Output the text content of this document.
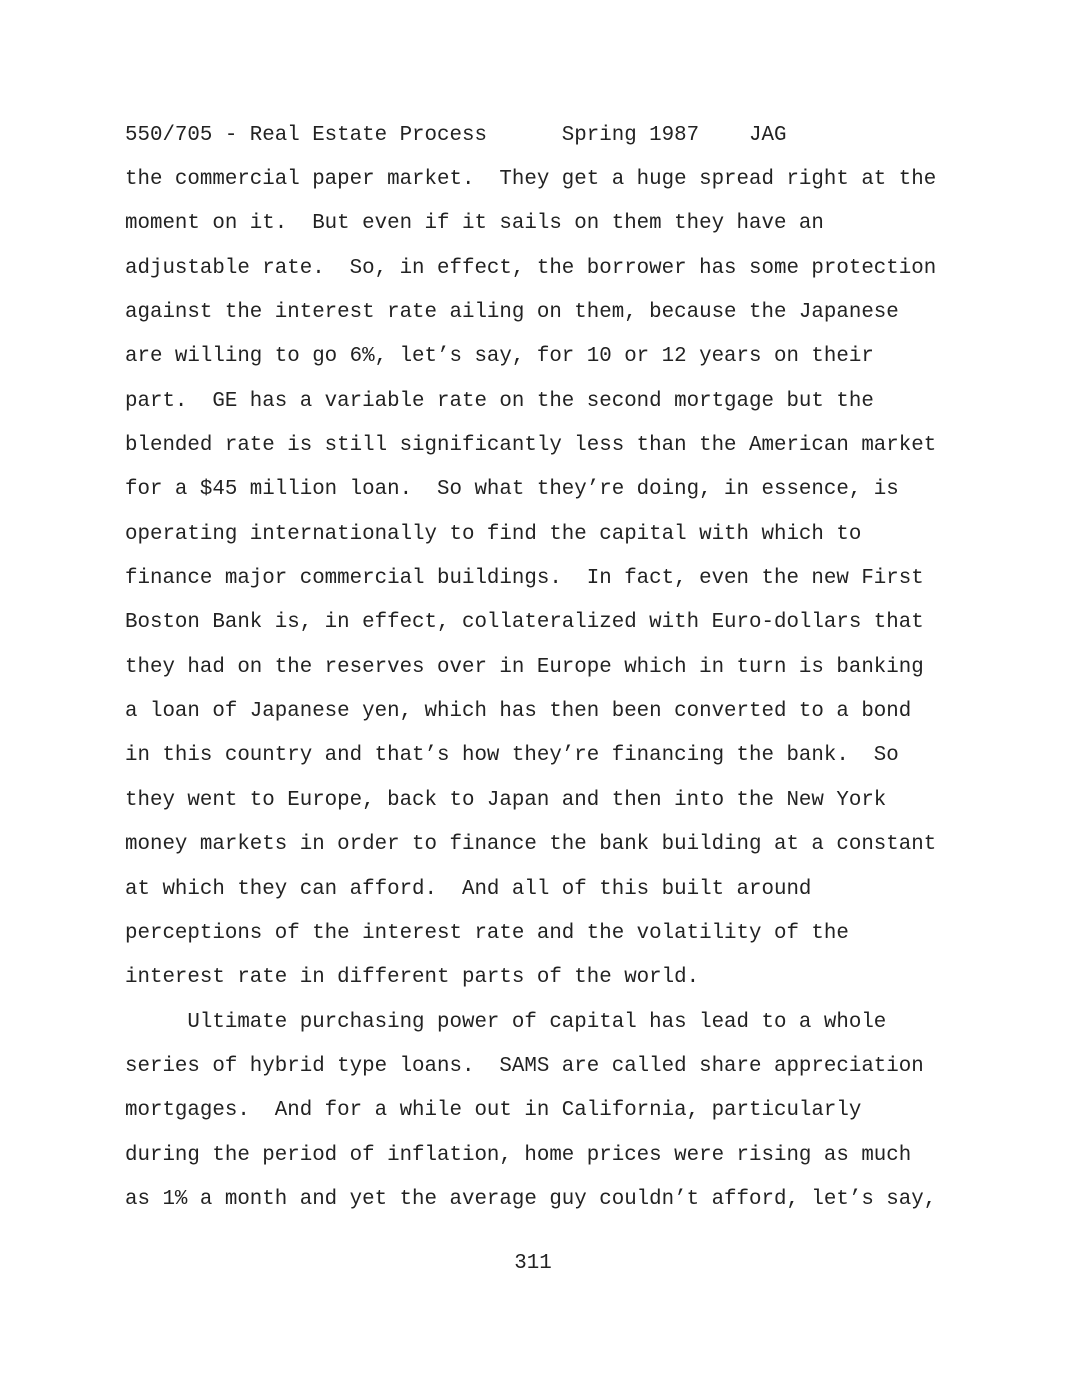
550/705 - Real Estate Process      Spring 1987    JAG
the commercial paper market.  They get a huge spread right at the
moment on it.  But even if it sails on them they have an
adjustable rate.  So, in effect, the borrower has some protection
against the interest rate ailing on them, because the Japanese
are willing to go 6%, let’s say, for 10 or 12 years on their
part.  GE has a variable rate on the second mortgage but the
blended rate is still significantly less than the American market
for a $45 million loan.  So what they’re doing, in essence, is
operating internationally to find the capital with which to
finance major commercial buildings.  In fact, even the new First
Boston Bank is, in effect, collateralized with Euro-dollars that
they had on the reserves over in Europe which in turn is banking
a loan of Japanese yen, which has then been converted to a bond
in this country and that’s how they’re financing the bank.  So
they went to Europe, back to Japan and then into the New York
money markets in order to finance the bank building at a constant
at which they can afford.  And all of this built around
perceptions of the interest rate and the volatility of the
interest rate in different parts of the world.
Ultimate purchasing power of capital has lead to a whole
series of hybrid type loans.  SAMS are called share appreciation
mortgages.  And for a while out in California, particularly
during the period of inflation, home prices were rising as much
as 1% a month and yet the average guy couldn’t afford, let’s say,
311
